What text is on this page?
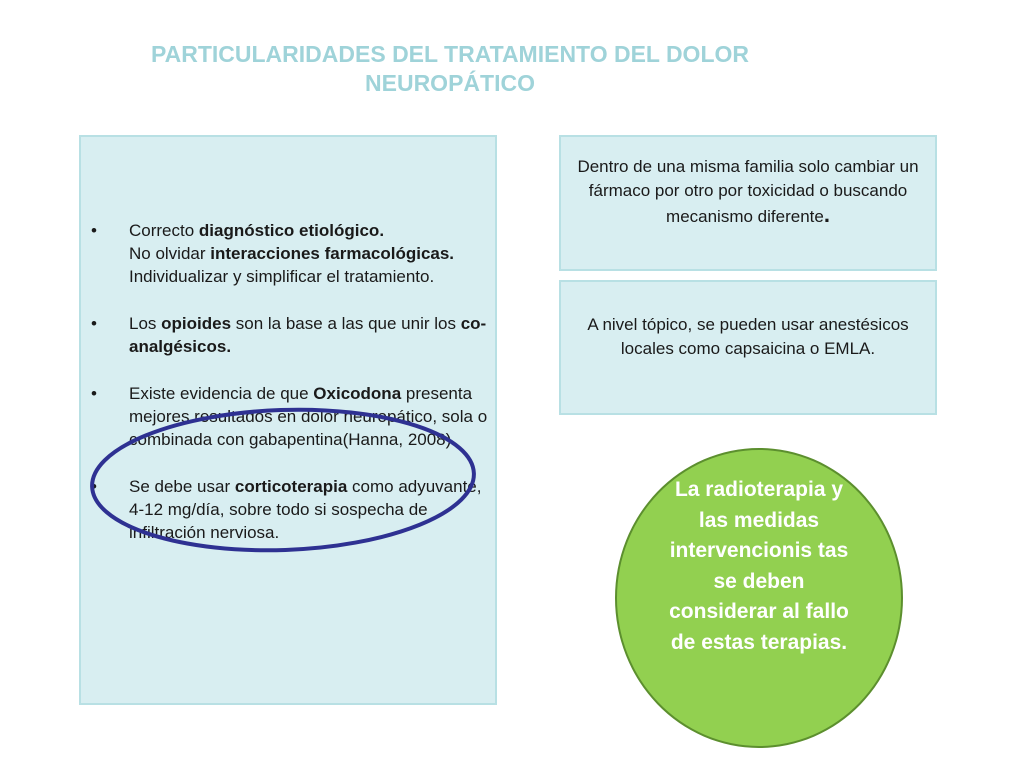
PARTICULARIDADES DEL TRATAMIENTO DEL DOLOR
NEUROPÁTICO
• Correcto diagnóstico etiológico.
No olvidar interacciones farmacológicas.
Individualizar y simplificar el tratamiento.
• Los opioides son la base a las que unir los co-analgésicos.
• Existe evidencia de que Oxicodona presenta mejores resultados en dolor neuropático, sola o combinada con gabapentina(Hanna, 2008).
• Se debe usar corticoterapia como adyuvante, 4-12 mg/día, sobre todo si sospecha de infiltración nerviosa.
Dentro de una misma familia solo cambiar un fármaco por otro por toxicidad o buscando mecanismo diferente.
A nivel tópico, se pueden usar anestésicos locales como capsaicina o EMLA.
La radioterapia y las medidas intervencionis tas se deben considerar al fallo de estas terapias.
